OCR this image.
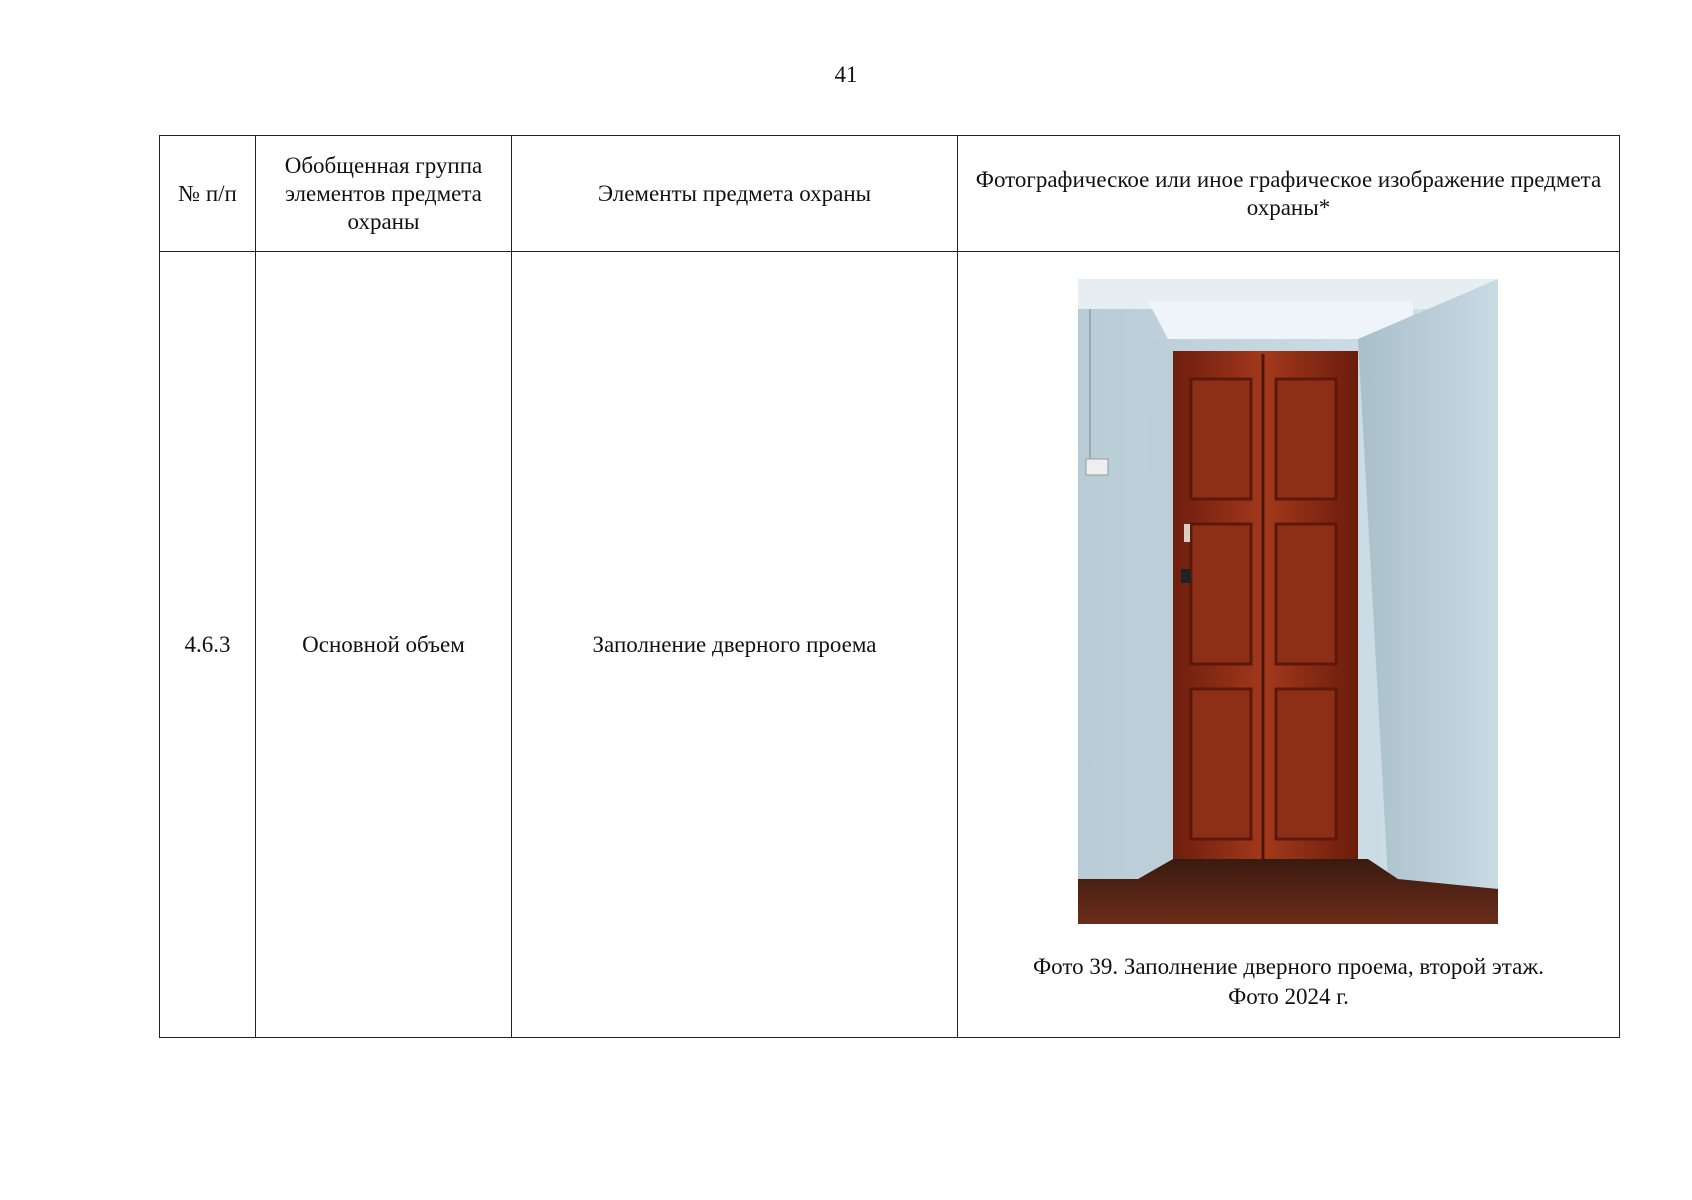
41
№ п/п	Обобщенная группа элементов предмета охраны	Элементы предмета охраны	Фотографическое или иное графическое изображение предмета охраны*
4.6.3	Основной объем	Заполнение дверного проема	Фото 39. Заполнение дверного проема, второй этаж.
Фото 2024 г.
